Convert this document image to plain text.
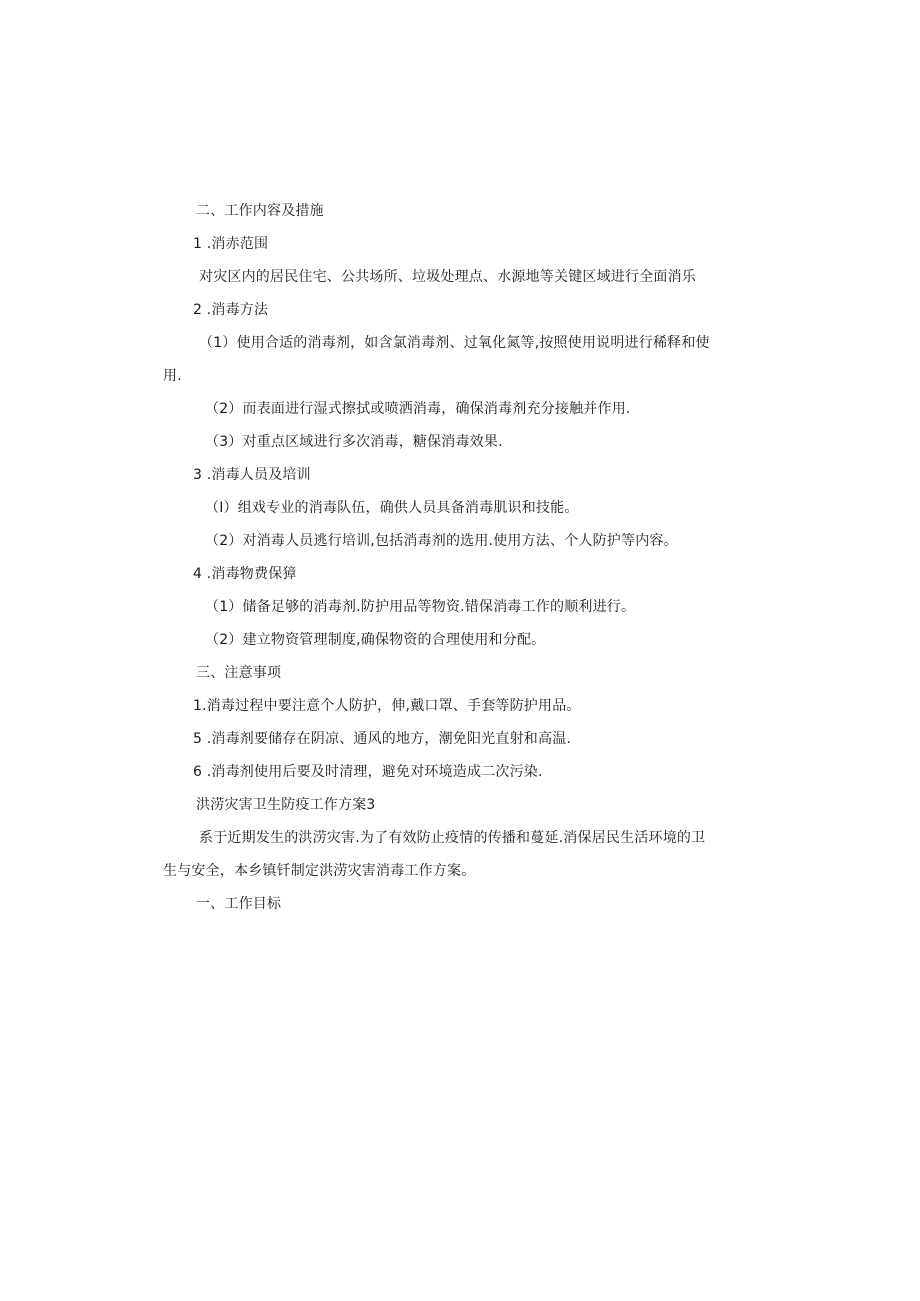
二、工作内容及措施
1 .消赤范围
对灾区内的居民住宅、公共场所、垃圾处理点、水源地等关键区域进行全面消乐
2 .消毒方法
（1）使用合适的消毒剂，如含氯消毒剂、过氧化氮等,按照使用说明进行稀释和使
用.
（2）而表面进行湿式擦拭或喷洒消毒，确保消毒剂充分接触并作用.
（3）对重点区域进行多次消毒，糖保消毒效果.
3 .消毒人员及培训
（I）组戏专业的消毒队伍，确供人员具备消毒肌识和技能。
（2）对消毒人员逃行培训,包括消毒剂的选用.使用方法、个人防护等内容。
4 .消毒物费保獐
（1）储备足够的消毒剂.防护用品等物资.错保消毒工作的顺利进行。
（2）建立物资管理制度,确保物资的合理使用和分配。
三、注意事项
1.消毒过程中要注意个人防护，伸,戴口罩、手套等防护用品。
5 .消毒剂要储存在阴凉、通风的地方，潮免阳光直射和高温.
6 .消毒剂使用后要及时清理，避免对环境造成二次污染.
洪涝灾害卫生防疫工作方案3
系于近期发生的洪涝灾害.为了有效防止疫情的传播和蔓延.消保居民生活环境的卫
生与安全，本乡镇钎制定洪涝灾害消毒工作方案。
一、工作目标
